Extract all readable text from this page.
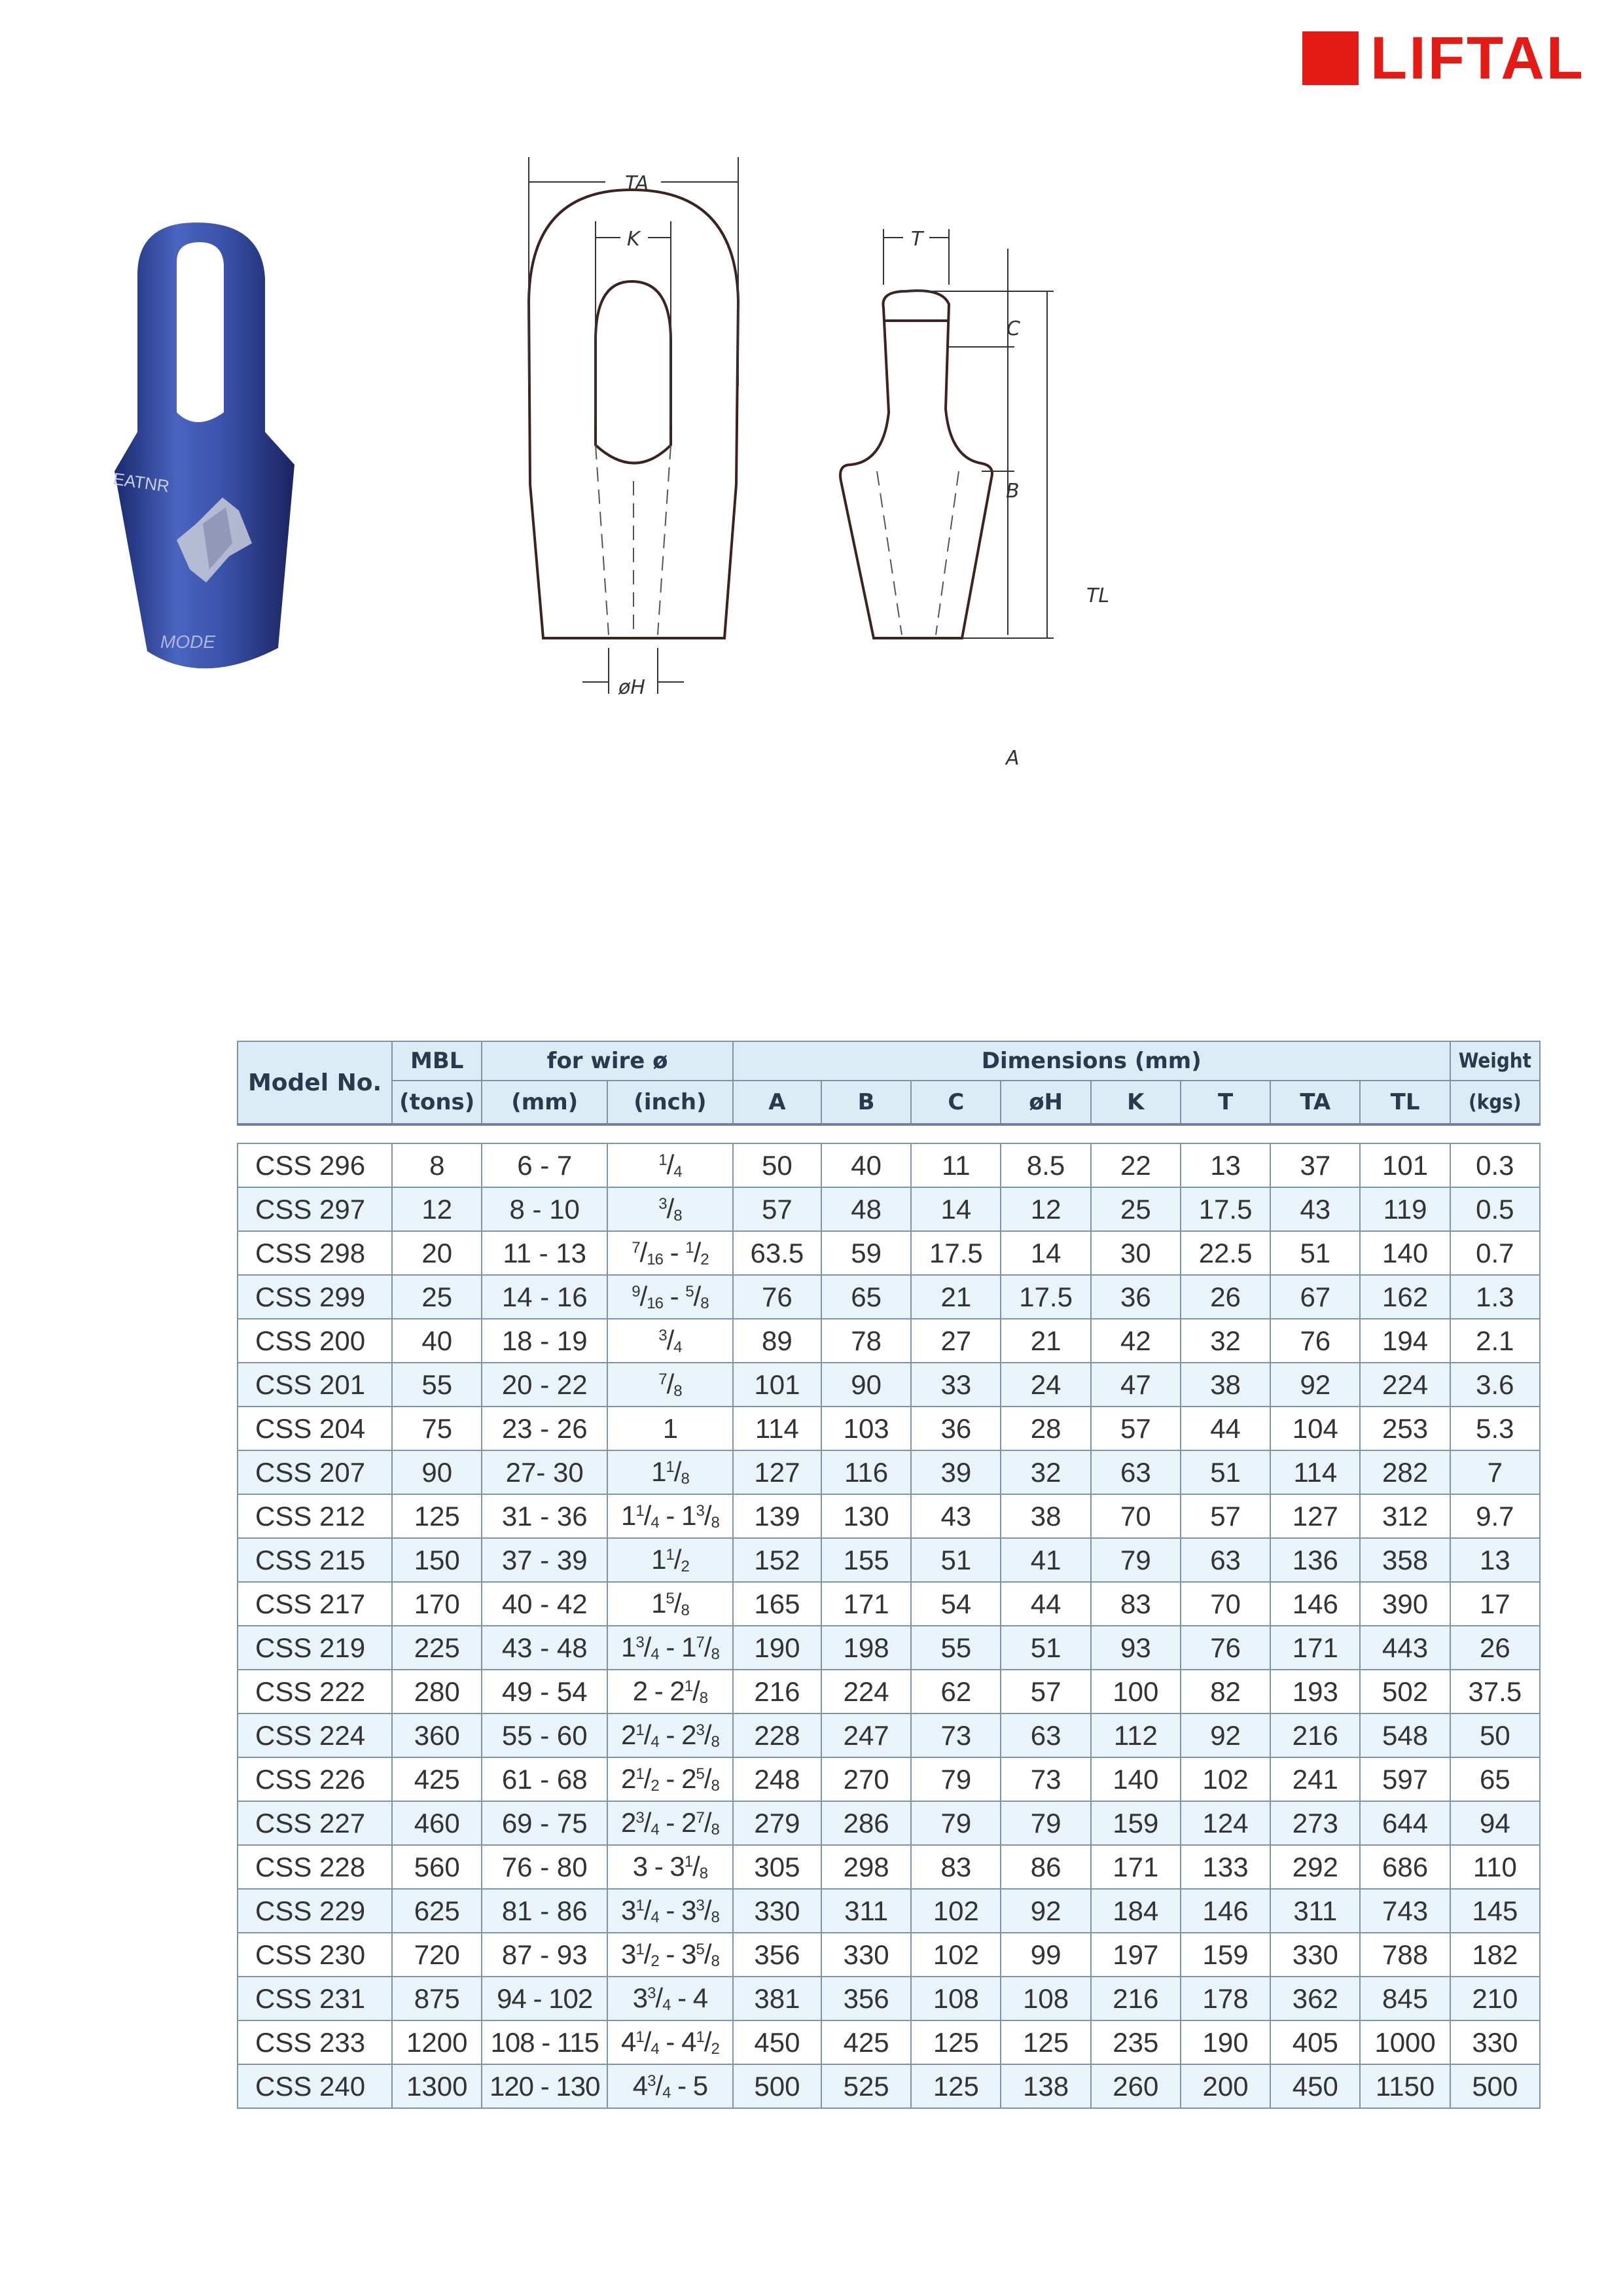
LIFTAL
EATNR
MODE
TA
K	T
C
B
A
TL
øH
Model No.	MBL	for wire ø		Dimensions (mm)								Weight
	(tons)	(mm)	(inch)	A	B	C	øH	K	T	TA	TL	(kgs)

CSS 296	8	6 - 7	$^1/_4$	50	40	11	8.5	22	13	37	101	0.3
CSS 297	12	8 - 10	$^3/_8$	57	48	14	12	25	17.5	43	119	0.5
CSS 298	20	11 - 13	$^7/_{16} - ^1/_2$	63.5	59	17.5	14	30	22.5	51	140	0.7
CSS 299	25	14 - 16	$^9/_{16} - ^5/_8$	76	65	21	17.5	36	26	67	162	1.3
CSS 200	40	18 - 19	$^3/_4$	89	78	27	21	42	32	76	194	2.1
CSS 201	55	20 - 22	$^7/_8$	101	90	33	24	47	38	92	224	3.6
CSS 204	75	23 - 26	1	114	103	36	28	57	44	104	253	5.3
CSS 207	90	27- 30	$1^1/_8$	127	116	39	32	63	51	114	282	7
CSS 212	125	31 - 36	$1^1/_4 - 1^3/_8$	139	130	43	38	70	57	127	312	9.7
CSS 215	150	37 - 39	$1^1/_2$	152	155	51	41	79	63	136	358	13
CSS 217	170	40 - 42	$1^5/_8$	165	171	54	44	83	70	146	390	17
CSS 219	225	43 - 48	$1^3/_4 - 1^7/_8$	190	198	55	51	93	76	171	443	26
CSS 222	280	49 - 54	$2 - 2^1/_8$	216	224	62	57	100	82	193	502	37.5
CSS 224	360	55 - 60	$2^1/_4 - 2^3/_8$	228	247	73	63	112	92	216	548	50
CSS 226	425	61 - 68	$2^1/_2 - 2^5/_8$	248	270	79	73	140	102	241	597	65
CSS 227	460	69 - 75	$2^3/_4 - 2^7/_8$	279	286	79	79	159	124	273	644	94
CSS 228	560	76 - 80	$3 - 3^1/_8$	305	298	83	86	171	133	292	686	110
CSS 229	625	81 - 86	$3^1/_4 - 3^3/_8$	330	311	102	92	184	146	311	743	145
CSS 230	720	87 - 93	$3^1/_2 - 3^5/_8$	356	330	102	99	197	159	330	788	182
CSS 231	875	94 - 102	$3^3/_4 - 4$	381	356	108	108	216	178	362	845	210
CSS 233	1200	108 - 115	$4^1/_4 - 4^1/_2$	450	425	125	125	235	190	405	1000	330
CSS 240	1300	120 - 130	$4^3/_4 - 5$	500	525	125	138	260	200	450	1150	500
